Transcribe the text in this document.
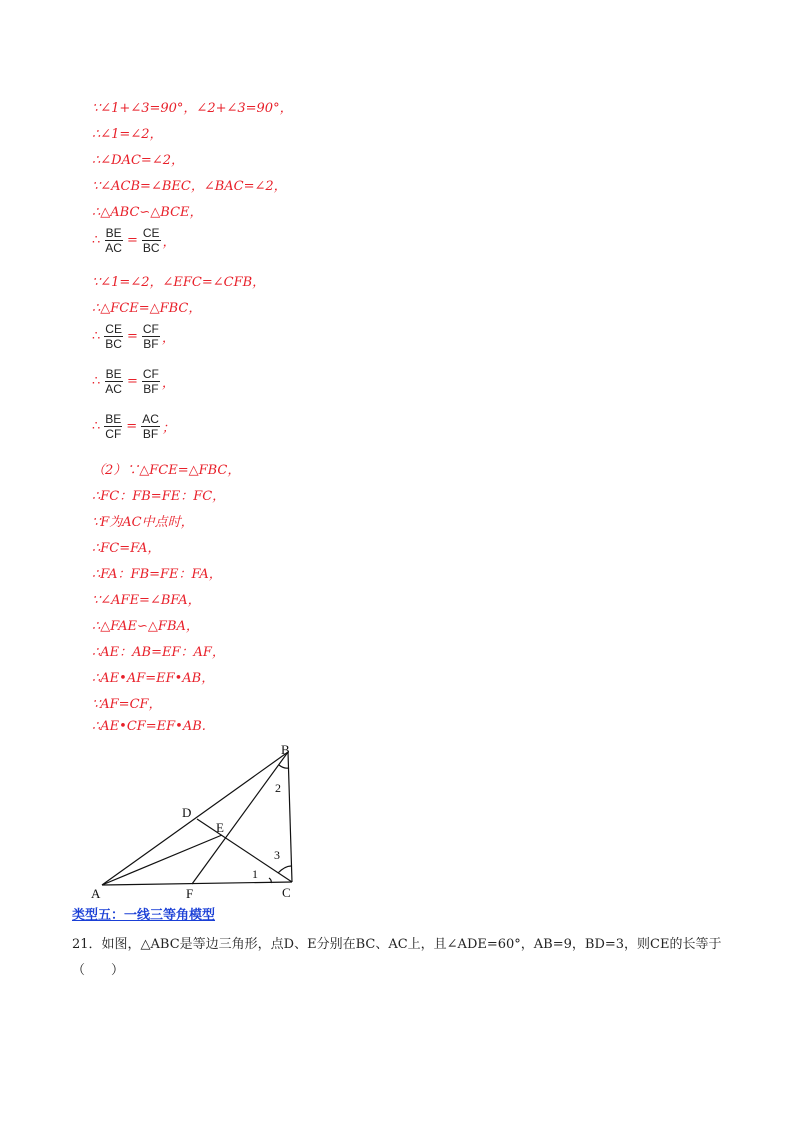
∵∠1+∠3=90°，∠2+∠3=90°，
∴∠1=∠2，
∴∠DAC=∠2，
∵∠ACB=∠BEC，∠BAC=∠2，
∴△ABC∽△BCE，
∴ $\frac{BE}{AC} = \frac{CE}{BC}$ ，
∵∠1=∠2，∠EFC=∠CFB，
∴△FCE=△FBC，
∴ $\frac{CE}{BC} = \frac{CF}{BF}$ ，
∴ $\frac{BE}{AC} = \frac{CF}{BF}$ ，
∴ $\frac{BE}{CF} = \frac{AC}{BF}$ ；
（2）∵△FCE=△FBC，
∴FC：FB=FE：FC，
∵F为AC中点时，
∴FC=FA，
∴FA：FB=FE：FA，
∵∠AFE=∠BFA，
∴△FAE∽△FBA，
∴AE：AB=EF：AF，
∴AE•AF=EF•AB，
∵AF=CF，
∴AE•CF=EF•AB.
B
A	C
D
E
F
1
2
3
类型五：一线三等角模型
21．如图，△ABC是等边三角形，点D、E分别在BC、AC上，且∠ADE=60°，AB=9，BD=3，则CE的长等于（　　）
